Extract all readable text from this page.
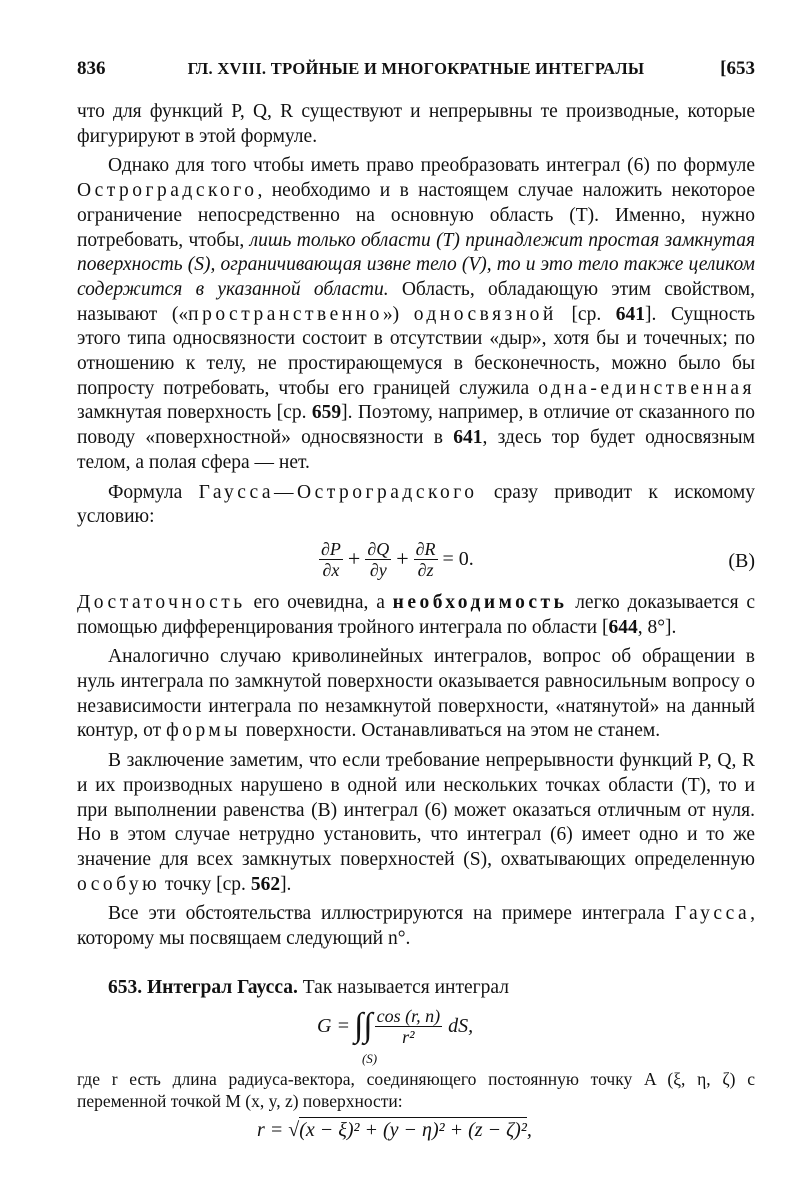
836	ГЛ. XVIII. ТРОЙНЫЕ И МНОГОКРАТНЫЕ ИНТЕГРАЛЫ	[653

что для функций P, Q, R существуют и непрерывны те производные, которые фигурируют в этой формуле.

Однако для того чтобы иметь право преобразовать интеграл (6) по формуле Остроградского, необходимо и в настоящем случае наложить некоторое ограничение непосредственно на основную область (T). Именно, нужно потребовать, чтобы, лишь только области (T) принадлежит простая замкнутая поверхность (S), ограничивающая извне тело (V), то и это тело также целиком содержится в указанной области. Область, обладающую этим свойством, называют («пространственно») односвязной [ср. 641]. Сущность этого типа односвязности состоит в отсутствии «дыр», хотя бы и точечных; по отношению к телу, не простирающемуся в бесконечность, можно было бы попросту потребовать, чтобы его границей служила одна-единственная замкнутая поверхность [ср. 659]. Поэтому, например, в отличие от сказанного по поводу «поверхностной» односвязности в 641, здесь тор будет односвязным телом, а полая сфера — нет.

Формула Гаусса—Остроградского сразу приводит к искомому условию:

$\frac{\partial P}{\partial x} + \frac{\partial Q}{\partial y} + \frac{\partial R}{\partial z} = 0$.	(B)

Достаточность его очевидна, а необходимость легко доказывается с помощью дифференцирования тройного интеграла по области [644, 8°].

Аналогично случаю криволинейных интегралов, вопрос об обращении в нуль интеграла по замкнутой поверхности оказывается равносильным вопросу о независимости интеграла по незамкнутой поверхности, «натянутой» на данный контур, от формы поверхности. Останавливаться на этом не станем.

В заключение заметим, что если требование непрерывности функций P, Q, R и их производных нарушено в одной или нескольких точках области (T), то и при выполнении равенства (B) интеграл (6) может оказаться отличным от нуля. Но в этом случае нетрудно установить, что интеграл (6) имеет одно и то же значение для всех замкнутых поверхностей (S), охватывающих определенную особую точку [ср. 562].

Все эти обстоятельства иллюстрируются на примере интеграла Гаусса, которому мы посвящаем следующий n°.

653. Интеграл Гаусса. Так называется интеграл

G = ∫∫
(S)
$\frac{\cos (r, n)}{\text{r²}}$ dS,

где r есть длина радиуса-вектора, соединяющего постоянную точку A (ξ, η, ζ) с переменной точкой M (x, y, z) поверхности:

r = √(x − ξ)² + (y − η)² + (z − ζ)²,
